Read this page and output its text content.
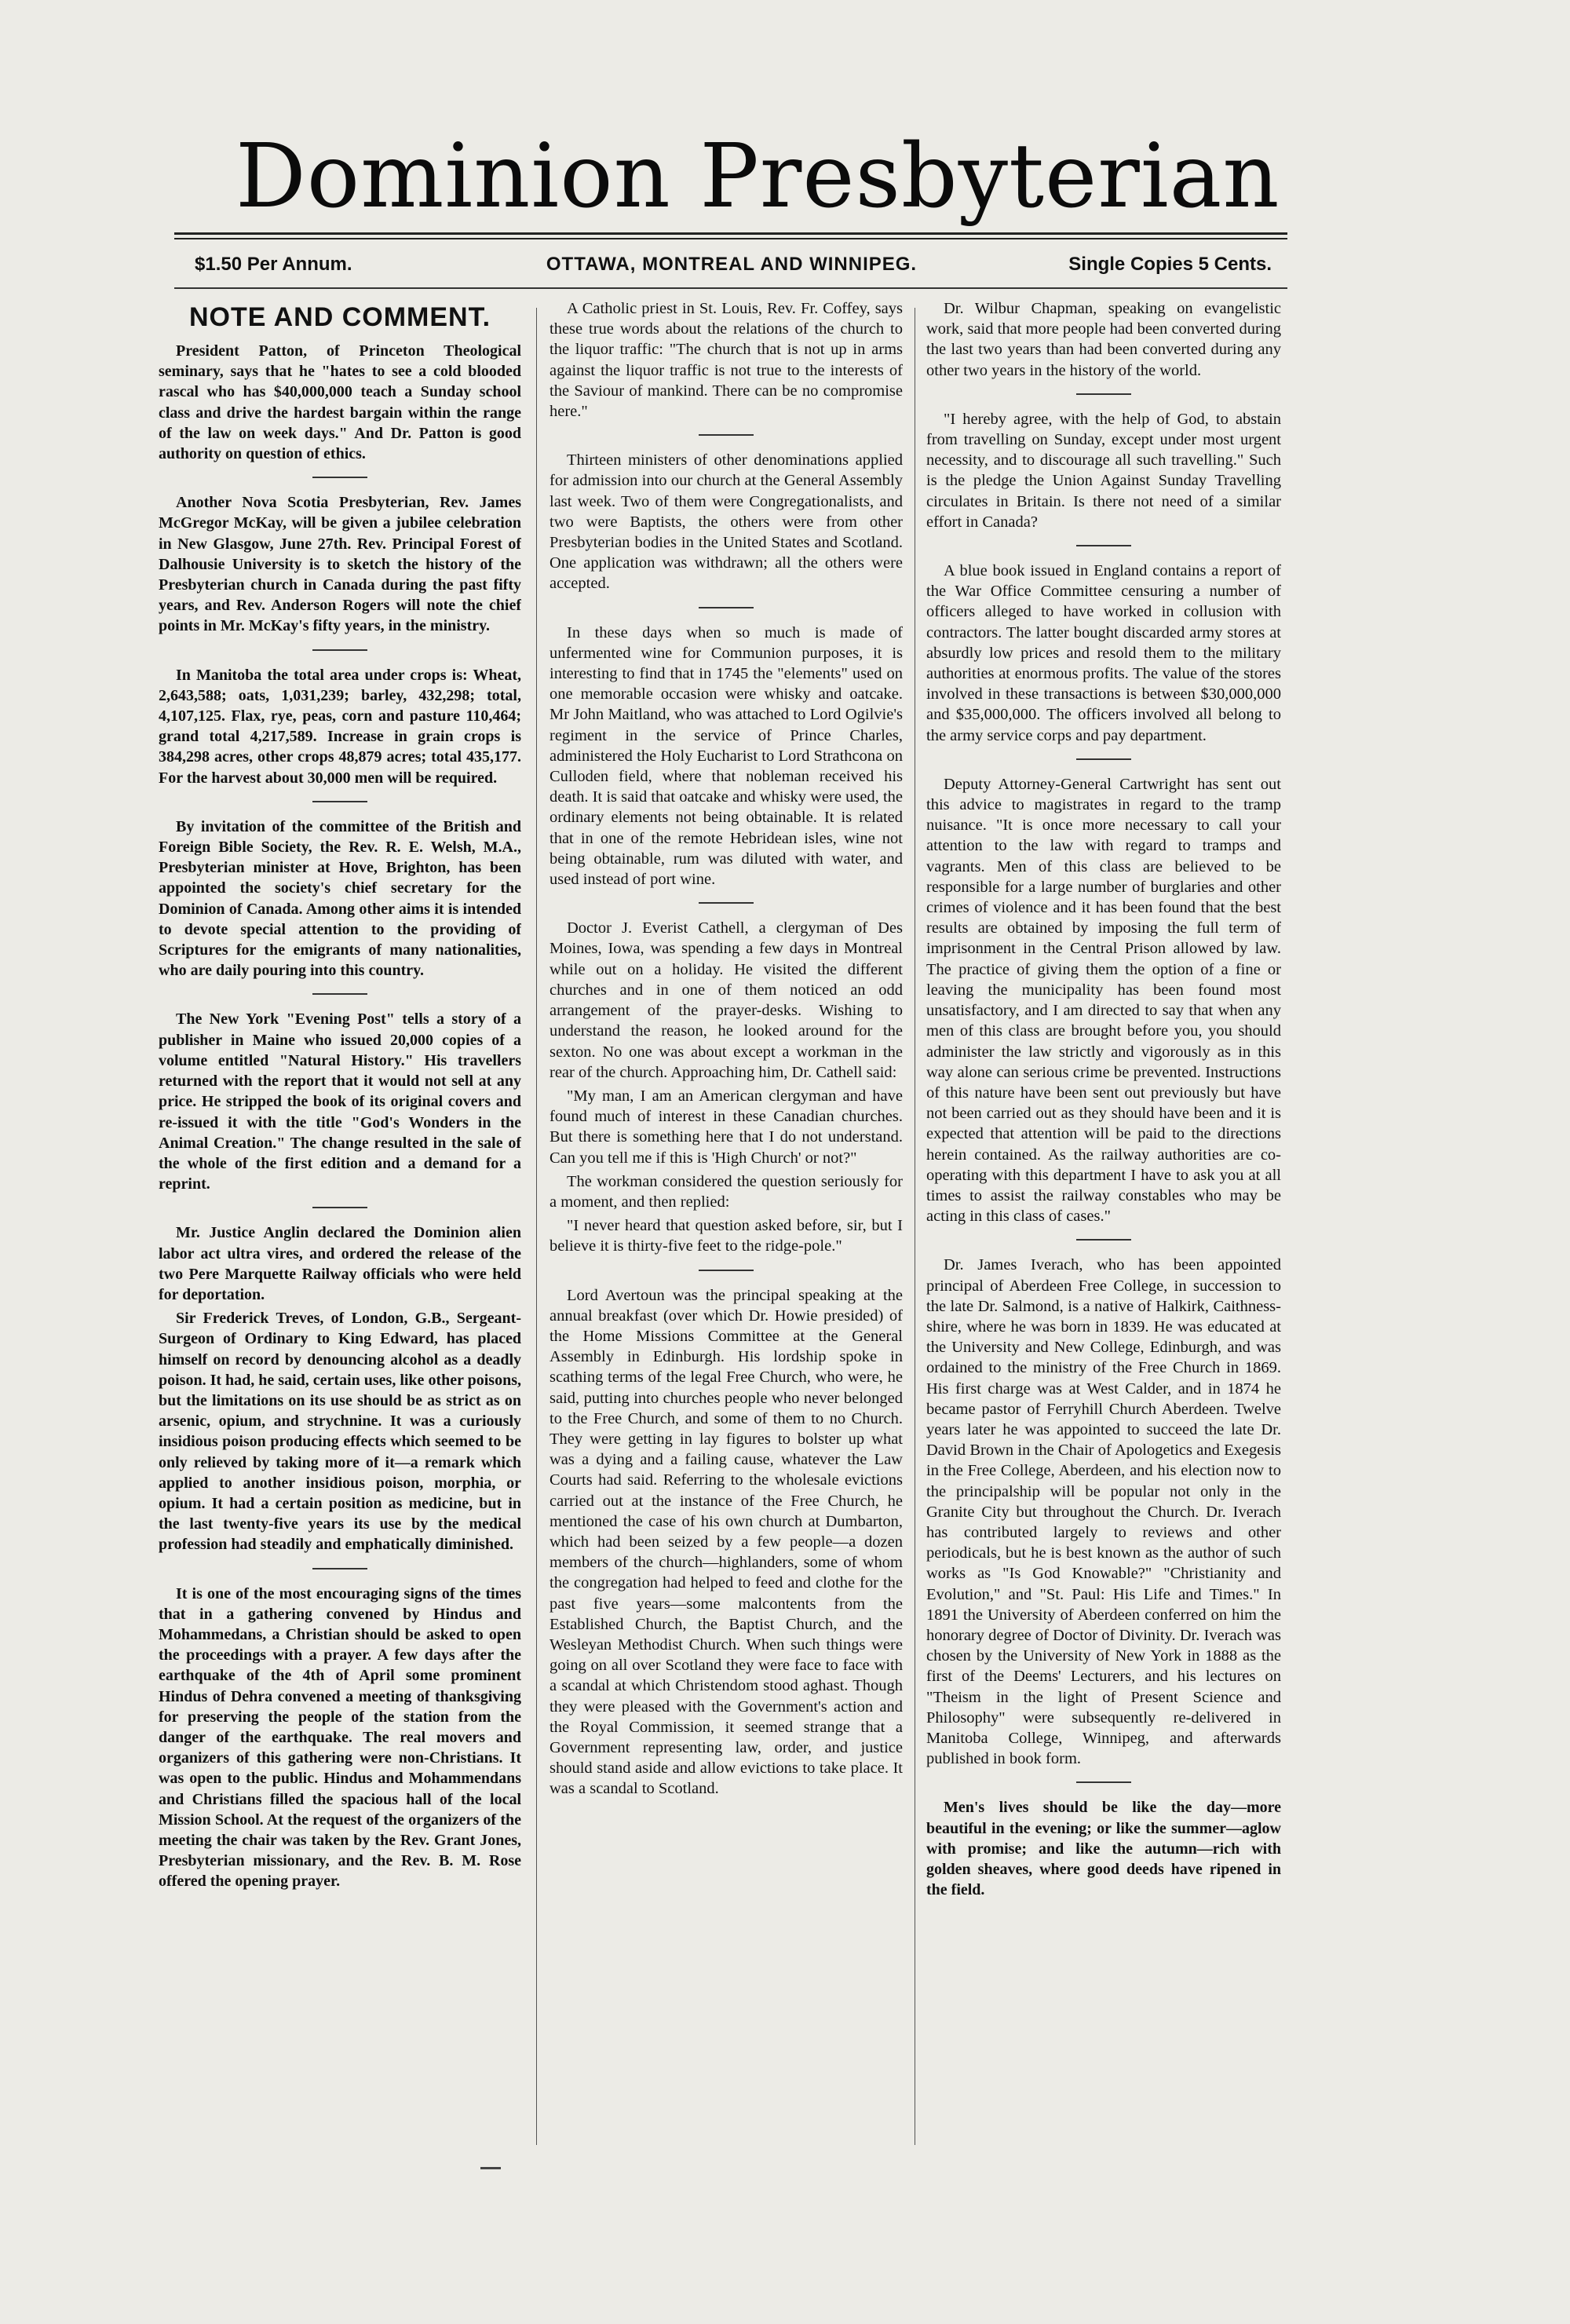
Dominion Presbyterian
$1.50 Per Annum.	OTTAWA, MONTREAL AND WINNIPEG.	Single Copies 5 Cents.
NOTE AND COMMENT.

President Patton, of Princeton Theological seminary, says that he "hates to see a cold blooded rascal who has $40,000,000 teach a Sunday school class and drive the hardest bargain within the range of the law on week days." And Dr. Patton is good authority on question of ethics.

Another Nova Scotia Presbyterian, Rev. James McGregor McKay, will be given a jubilee celebration in New Glasgow, June 27th. Rev. Principal Forest of Dalhousie University is to sketch the history of the Presbyterian church in Canada during the past fifty years, and Rev. Anderson Rogers will note the chief points in Mr. McKay's fifty years, in the ministry.

In Manitoba the total area under crops is: Wheat, 2,643,588; oats, 1,031,239; barley, 432,298; total, 4,107,125. Flax, rye, peas, corn and pasture 110,464; grand total 4,217,589. Increase in grain crops is 384,298 acres, other crops 48,879 acres; total 435,177. For the harvest about 30,000 men will be required.

By invitation of the committee of the British and Foreign Bible Society, the Rev. R. E. Welsh, M.A., Presbyterian minister at Hove, Brighton, has been appointed the society's chief secretary for the Dominion of Canada. Among other aims it is intended to devote special attention to the providing of Scriptures for the emigrants of many nationalities, who are daily pouring into this country.

The New York "Evening Post" tells a story of a publisher in Maine who issued 20,000 copies of a volume entitled "Natural History." His travellers returned with the report that it would not sell at any price. He stripped the book of its original covers and re-issued it with the title "God's Wonders in the Animal Creation." The change resulted in the sale of the whole of the first edition and a demand for a reprint.

Mr. Justice Anglin declared the Dominion alien labor act ultra vires, and ordered the release of the two Pere Marquette Railway officials who were held for deportation.

Sir Frederick Treves, of London, G.B., Sergeant-Surgeon of Ordinary to King Edward, has placed himself on record by denouncing alcohol as a deadly poison. It had, he said, certain uses, like other poisons, but the limitations on its use should be as strict as on arsenic, opium, and strychnine. It was a curiously insidious poison producing effects which seemed to be only relieved by taking more of it—a remark which applied to another insidious poison, morphia, or opium. It had a certain position as medicine, but in the last twenty-five years its use by the medical profession had steadily and emphatically diminished.

It is one of the most encouraging signs of the times that in a gathering convened by Hindus and Mohammedans, a Christian should be asked to open the proceedings with a prayer. A few days after the earthquake of the 4th of April some prominent Hindus of Dehra convened a meeting of thanksgiving for preserving the people of the station from the danger of the earthquake. The real movers and organizers of this gathering were non-Christians. It was open to the public. Hindus and Mohammendans and Christians filled the spacious hall of the local Mission School. At the request of the organizers of the meeting the chair was taken by the Rev. Grant Jones, Presbyterian missionary, and the Rev. B. M. Rose offered the opening prayer.

A Catholic priest in St. Louis, Rev. Fr. Coffey, says these true words about the relations of the church to the liquor traffic: "The church that is not up in arms against the liquor traffic is not true to the interests of the Saviour of mankind. There can be no compromise here."

Thirteen ministers of other denominations applied for admission into our church at the General Assembly last week. Two of them were Congregationalists, and two were Baptists, the others were from other Presbyterian bodies in the United States and Scotland. One application was withdrawn; all the others were accepted.

In these days when so much is made of unfermented wine for Communion purposes, it is interesting to find that in 1745 the "elements" used on one memorable occasion were whisky and oatcake. Mr John Maitland, who was attached to Lord Ogilvie's regiment in the service of Prince Charles, administered the Holy Eucharist to Lord Strathcona on Culloden field, where that nobleman received his death. It is said that oatcake and whisky were used, the ordinary elements not being obtainable. It is related that in one of the remote Hebridean isles, wine not being obtainable, rum was diluted with water, and used instead of port wine.

Doctor J. Everist Cathell, a clergyman of Des Moines, Iowa, was spending a few days in Montreal while out on a holiday. He visited the different churches and in one of them noticed an odd arrangement of the prayer-desks. Wishing to understand the reason, he looked around for the sexton. No one was about except a workman in the rear of the church. Approaching him, Dr. Cathell said:

"My man, I am an American clergyman and have found much of interest in these Canadian churches. But there is something here that I do not understand. Can you tell me if this is 'High Church' or not?"

The workman considered the question seriously for a moment, and then replied:

"I never heard that question asked before, sir, but I believe it is thirty-five feet to the ridge-pole."

Lord Avertoun was the principal speaking at the annual breakfast (over which Dr. Howie presided) of the Home Missions Committee at the General Assembly in Edinburgh. His lordship spoke in scathing terms of the legal Free Church, who were, he said, putting into churches people who never belonged to the Free Church, and some of them to no Church. They were getting in lay figures to bolster up what was a dying and a failing cause, whatever the Law Courts had said. Referring to the wholesale evictions carried out at the instance of the Free Church, he mentioned the case of his own church at Dumbarton, which had been seized by a few people—a dozen members of the church—highlanders, some of whom the congregation had helped to feed and clothe for the past five years—some malcontents from the Established Church, the Baptist Church, and the Wesleyan Methodist Church. When such things were going on all over Scotland they were face to face with a scandal at which Christendom stood aghast. Though they were pleased with the Government's action and the Royal Commission, it seemed strange that a Government representing law, order, and justice should stand aside and allow evictions to take place. It was a scandal to Scotland.

Dr. Wilbur Chapman, speaking on evangelistic work, said that more people had been converted during the last two years than had been converted during any other two years in the history of the world.

"I hereby agree, with the help of God, to abstain from travelling on Sunday, except under most urgent necessity, and to discourage all such travelling." Such is the pledge the Union Against Sunday Travelling circulates in Britain. Is there not need of a similar effort in Canada?

A blue book issued in England contains a report of the War Office Committee censuring a number of officers alleged to have worked in collusion with contractors. The latter bought discarded army stores at absurdly low prices and resold them to the military authorities at enormous profits. The value of the stores involved in these transactions is between $30,000,000 and $35,000,000. The officers involved all belong to the army service corps and pay department.

Deputy Attorney-General Cartwright has sent out this advice to magistrates in regard to the tramp nuisance. "It is once more necessary to call your attention to the law with regard to tramps and vagrants. Men of this class are believed to be responsible for a large number of burglaries and other crimes of violence and it has been found that the best results are obtained by imposing the full term of imprisonment in the Central Prison allowed by law. The practice of giving them the option of a fine or leaving the municipality has been found most unsatisfactory, and I am directed to say that when any men of this class are brought before you, you should administer the law strictly and vigorously as in this way alone can serious crime be prevented. Instructions of this nature have been sent out previously but have not been carried out as they should have been and it is expected that attention will be paid to the directions herein contained. As the railway authorities are co-operating with this department I have to ask you at all times to assist the railway constables who may be acting in this class of cases."

Dr. James Iverach, who has been appointed principal of Aberdeen Free College, in succession to the late Dr. Salmond, is a native of Halkirk, Caithness-shire, where he was born in 1839. He was educated at the University and New College, Edinburgh, and was ordained to the ministry of the Free Church in 1869. His first charge was at West Calder, and in 1874 he became pastor of Ferryhill Church Aberdeen. Twelve years later he was appointed to succeed the late Dr. David Brown in the Chair of Apologetics and Exegesis in the Free College, Aberdeen, and his election now to the principalship will be popular not only in the Granite City but throughout the Church. Dr. Iverach has contributed largely to reviews and other periodicals, but he is best known as the author of such works as "Is God Knowable?" "Christianity and Evolution," and "St. Paul: His Life and Times." In 1891 the University of Aberdeen conferred on him the honorary degree of Doctor of Divinity. Dr. Iverach was chosen by the University of New York in 1888 as the first of the Deems' Lecturers, and his lectures on "Theism in the light of Present Science and Philosophy" were subsequently re-delivered in Manitoba College, Winnipeg, and afterwards published in book form.

Men's lives should be like the day—more beautiful in the evening; or like the summer—aglow with promise; and like the autumn—rich with golden sheaves, where good deeds have ripened in the field.
